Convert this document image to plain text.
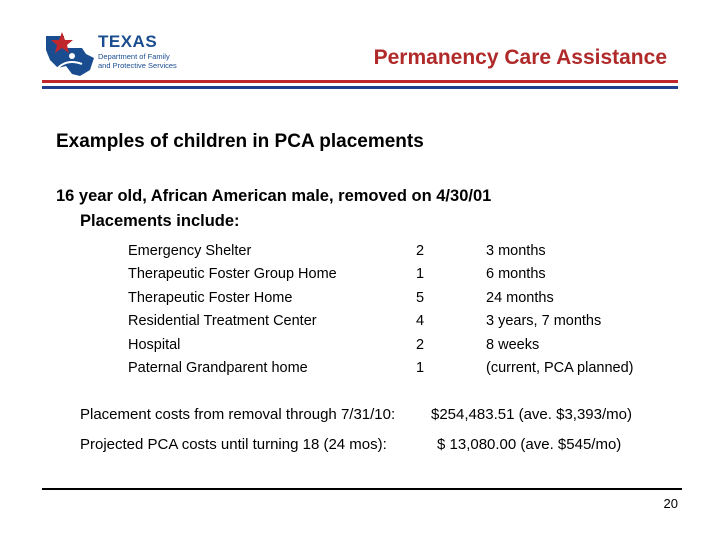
TEXAS
Department of Family
and Protective Services	Permanency Care Assistance
Examples of children in PCA placements
16 year old, African American male, removed on 4/30/01
Placements include:
Emergency Shelter	2	3 months
Therapeutic Foster Group Home	1	6 months
Therapeutic Foster Home	5	24 months
Residential Treatment Center	4	3 years, 7 months
Hospital	2	8 weeks
Paternal Grandparent home	1	(current, PCA planned)
Placement costs from removal through 7/31/10: $254,483.51 (ave. $3,393/mo)
Projected PCA costs until turning 18 (24 mos):	$ 13,080.00 (ave. $545/mo)
20
